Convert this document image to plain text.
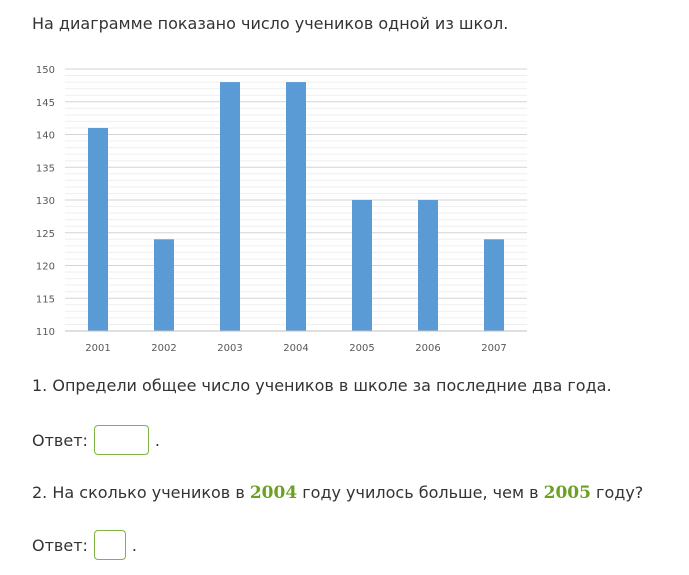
На диаграмме показано число учеников одной из школ.
110
115
120
125
130
135
140
145
150
2001	2002	2003	2004	2005	2006	2007
1. Определи общее число учеников в школе за последние два года.
Ответ:	.
2. На сколько учеников в 2004 году училось больше, чем в 2005 году?
Ответ:	.
